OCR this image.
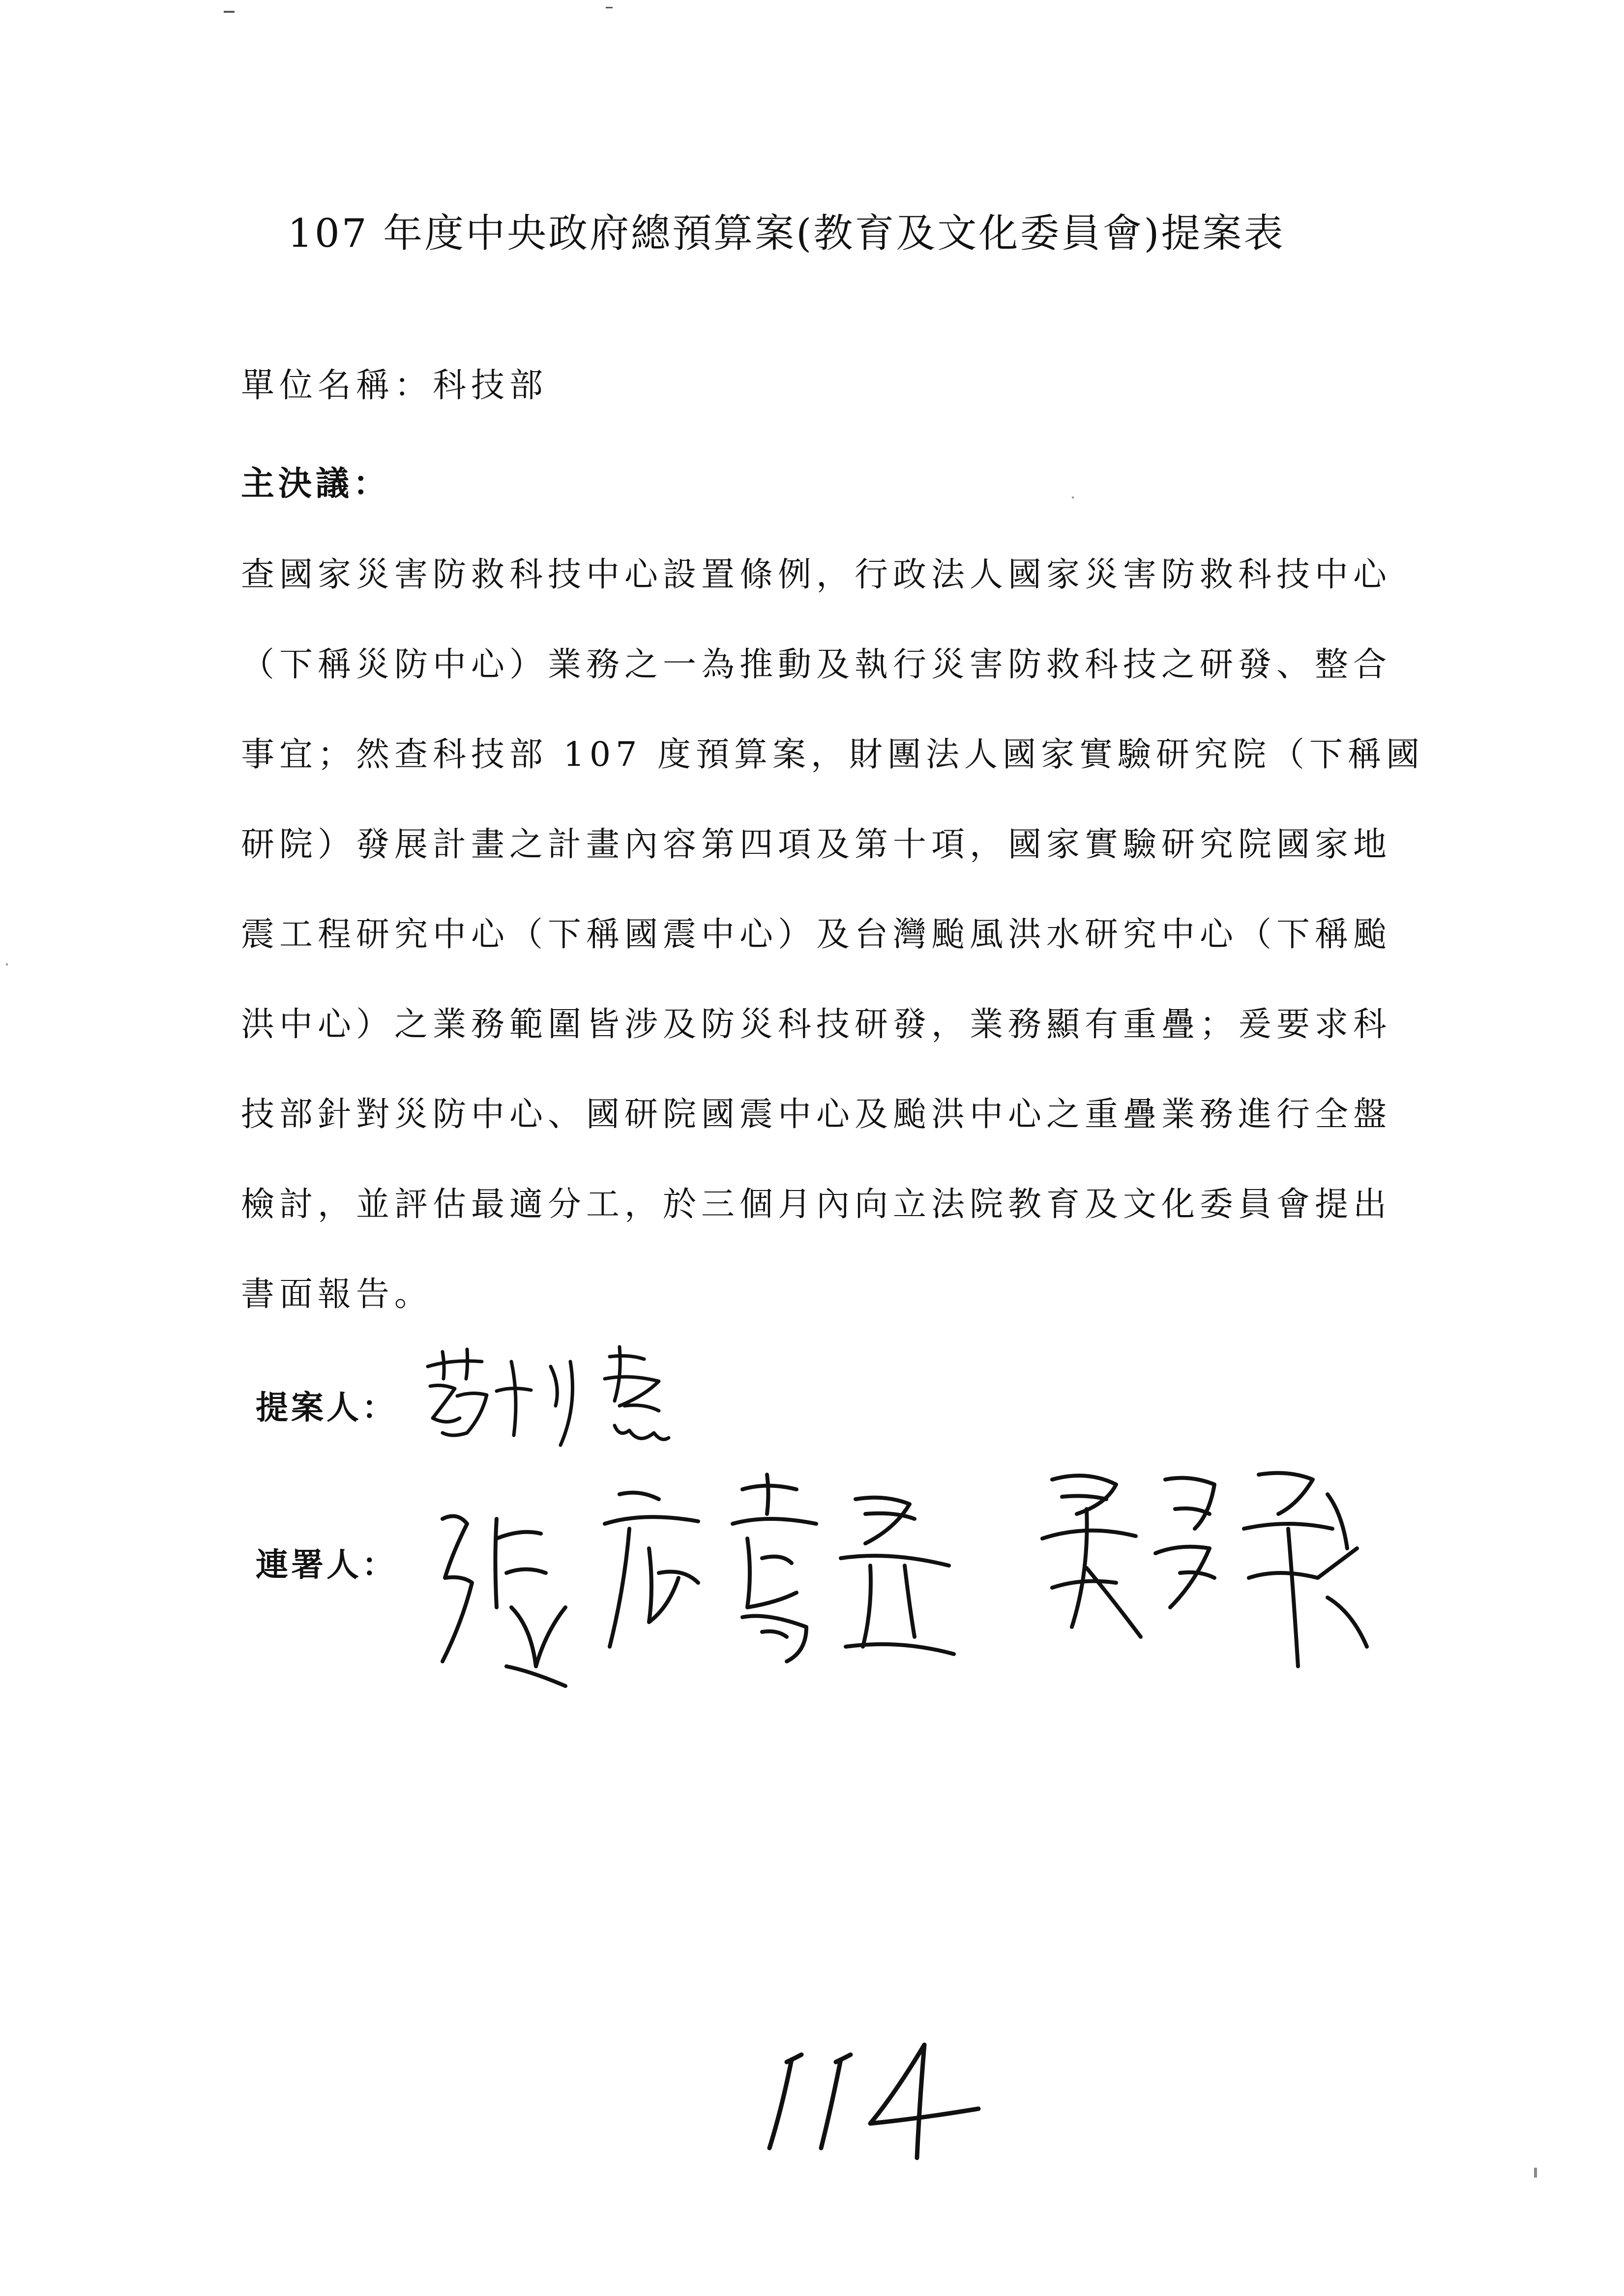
107 年度中央政府總預算案(教育及文化委員會)提案表
單位名稱：科技部
主決議：
查國家災害防救科技中心設置條例，行政法人國家災害防救科技中心
（下稱災防中心）業務之一為推動及執行災害防救科技之研發、整合
事宜；然查科技部 107 度預算案，財團法人國家實驗研究院（下稱國
研院）發展計畫之計畫內容第四項及第十項，國家實驗研究院國家地
震工程研究中心（下稱國震中心）及台灣颱風洪水研究中心（下稱颱
洪中心）之業務範圍皆涉及防災科技研發，業務顯有重疊；爰要求科
技部針對災防中心、國研院國震中心及颱洪中心之重疊業務進行全盤
檢討，並評估最適分工，於三個月內向立法院教育及文化委員會提出
書面報告。
提案人：
連署人：
